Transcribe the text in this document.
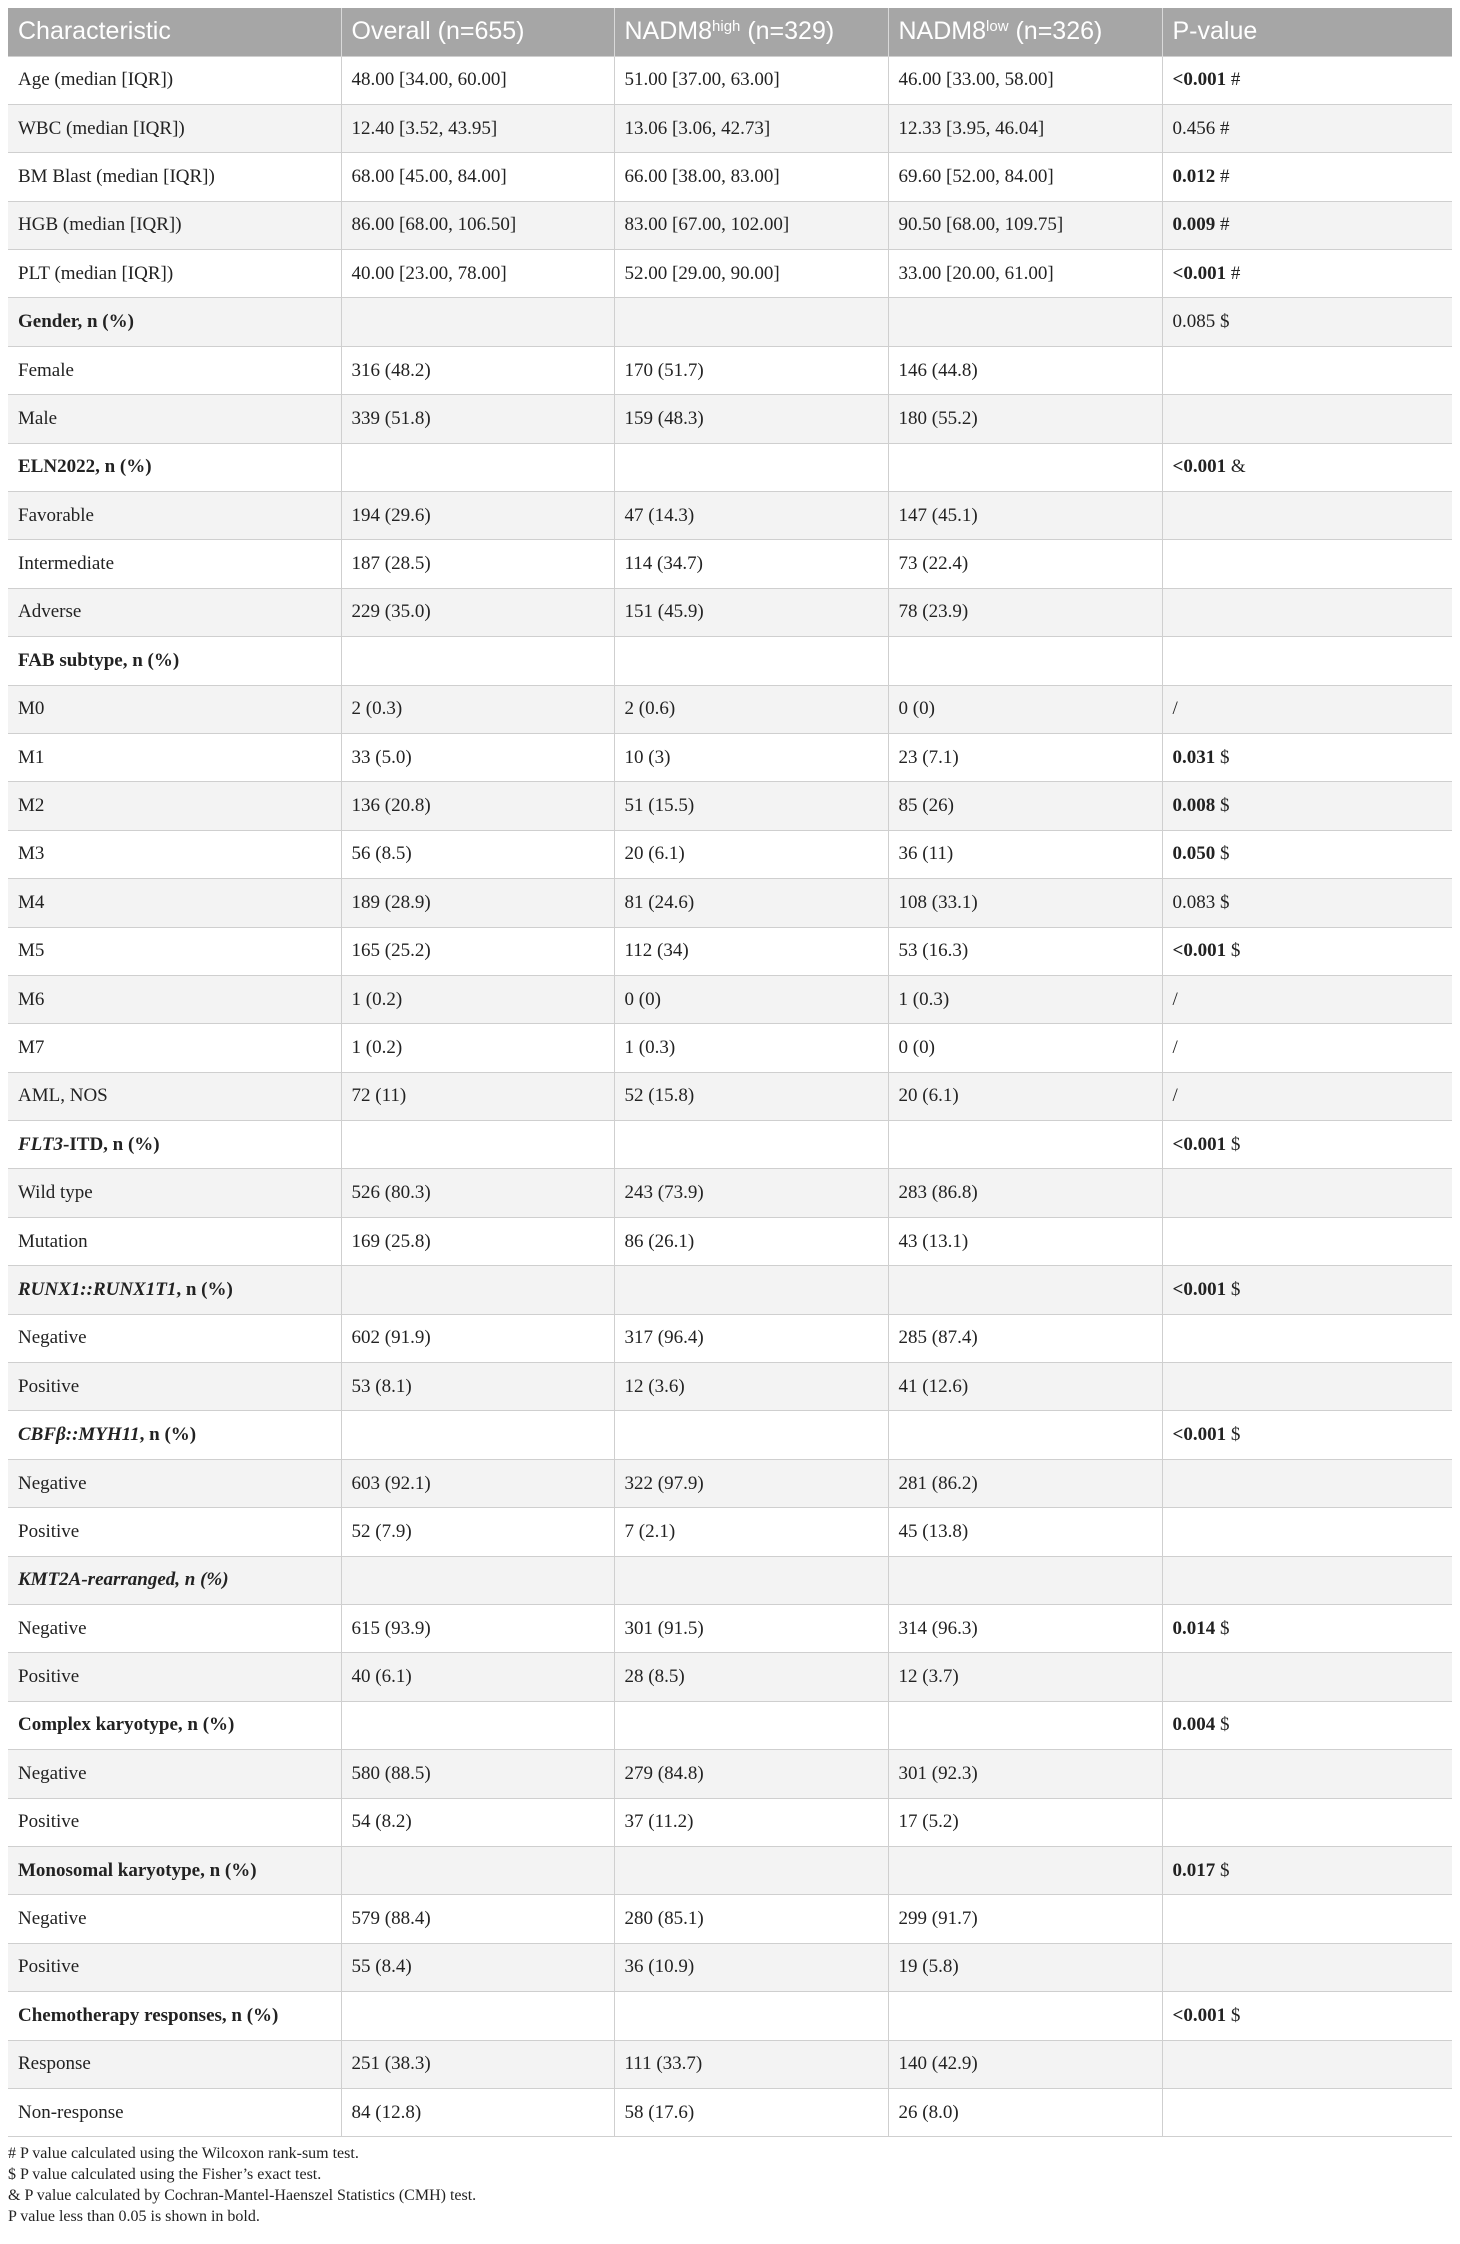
Characteristic	Overall (n=655)	$NADM8^{high}$ (n=329)	$NADM8^{low}$ (n=326)	P-value
Age (median [IQR])	48.00 [34.00, 60.00]	51.00 [37.00, 63.00]	46.00 [33.00, 58.00]	<0.001 #
WBC (median [IQR])	12.40 [3.52, 43.95]	13.06 [3.06, 42.73]	12.33 [3.95, 46.04]	0.456 #
BM Blast (median [IQR])	68.00 [45.00, 84.00]	66.00 [38.00, 83.00]	69.60 [52.00, 84.00]	0.012 #
HGB (median [IQR])	86.00 [68.00, 106.50]	83.00 [67.00, 102.00]	90.50 [68.00, 109.75]	0.009 #
PLT (median [IQR])	40.00 [23.00, 78.00]	52.00 [29.00, 90.00]	33.00 [20.00, 61.00]	<0.001 #
Gender, n (%)				0.085 $
Female	316 (48.2)	170 (51.7)	146 (44.8)	
Male	339 (51.8)	159 (48.3)	180 (55.2)	
ELN2022, n (%)				<0.001 &
Favorable	194 (29.6)	47 (14.3)	147 (45.1)	
Intermediate	187 (28.5)	114 (34.7)	73 (22.4)	
Adverse	229 (35.0)	151 (45.9)	78 (23.9)	
FAB subtype, n (%)				
M0	2 (0.3)	2 (0.6)	0 (0)	/
M1	33 (5.0)	10 (3)	23 (7.1)	0.031 $
M2	136 (20.8)	51 (15.5)	85 (26)	0.008 $
M3	56 (8.5)	20 (6.1)	36 (11)	0.050 $
M4	189 (28.9)	81 (24.6)	108 (33.1)	0.083 $
M5	165 (25.2)	112 (34)	53 (16.3)	<0.001 $
M6	1 (0.2)	0 (0)	1 (0.3)	/
M7	1 (0.2)	1 (0.3)	0 (0)	/
AML, NOS	72 (11)	52 (15.8)	20 (6.1)	/
FLT3-ITD, n (%)				<0.001 $
Wild type	526 (80.3)	243 (73.9)	283 (86.8)	
Mutation	169 (25.8)	86 (26.1)	43 (13.1)	
RUNX1::RUNX1T1, n (%)				<0.001 $
Negative	602 (91.9)	317 (96.4)	285 (87.4)	
Positive	53 (8.1)	12 (3.6)	41 (12.6)	
CBFβ::MYH11, n (%)				<0.001 $
Negative	603 (92.1)	322 (97.9)	281 (86.2)	
Positive	52 (7.9)	7 (2.1)	45 (13.8)	
KMT2A-rearranged, n (%)				
Negative	615 (93.9)	301 (91.5)	314 (96.3)	0.014 $
Positive	40 (6.1)	28 (8.5)	12 (3.7)	
Complex karyotype, n (%)				0.004 $
Negative	580 (88.5)	279 (84.8)	301 (92.3)	
Positive	54 (8.2)	37 (11.2)	17 (5.2)	
Monosomal karyotype, n (%)				0.017 $
Negative	579 (88.4)	280 (85.1)	299 (91.7)	
Positive	55 (8.4)	36 (10.9)	19 (5.8)	
Chemotherapy responses, n (%)				<0.001 $
Response	251 (38.3)	111 (33.7)	140 (42.9)	
Non-response	84 (12.8)	58 (17.6)	26 (8.0)	
# P value calculated using the Wilcoxon rank-sum test.
$ P value calculated using the Fisher’s exact test.
& P value calculated by Cochran-Mantel-Haenszel Statistics (CMH) test.
P value less than 0.05 is shown in bold.
